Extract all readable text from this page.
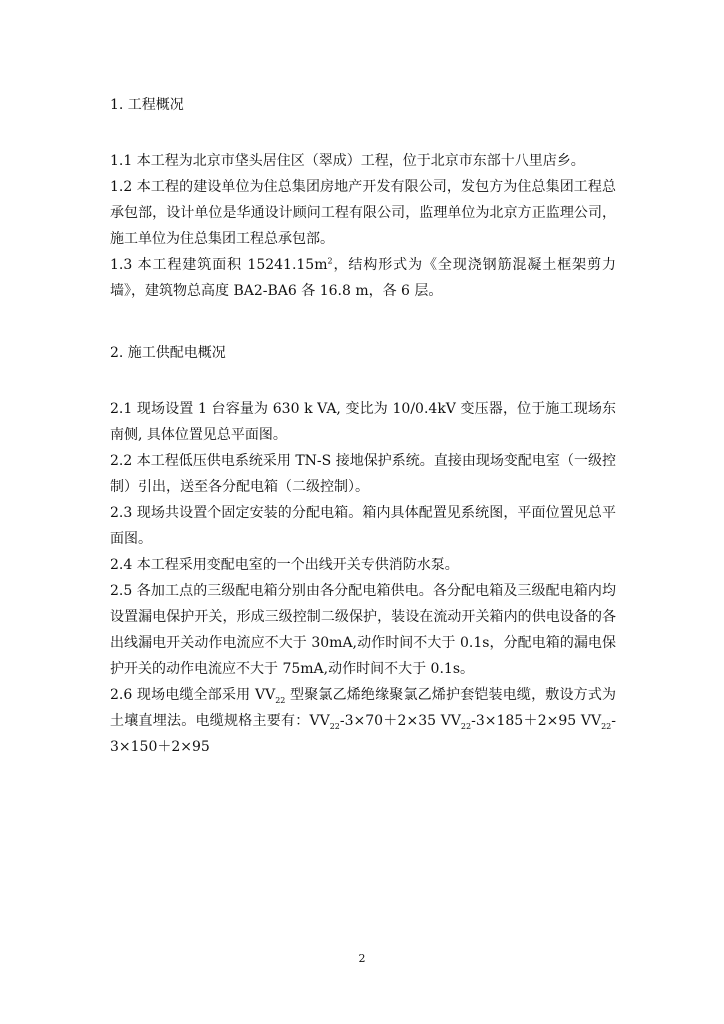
1. 工程概况

1.1 本工程为北京市垡头居住区（翠成）工程，位于北京市东部十八里店乡。

1.2 本工程的建设单位为住总集团房地产开发有限公司，发包方为住总集团工程总承包部，设计单位是华通设计顾问工程有限公司，监理单位为北京方正监理公司，施工单位为住总集团工程总承包部。

1.3 本工程建筑面积 $15241.15m^2$，结构形式为《全现浇钢筋混凝土框架剪力墙》，建筑物总高度 BA2-BA6 各 16.8 m，各 6 层。

2. 施工供配电概况

2.1 现场设置 1 台容量为 630 k VA, 变比为 10/0.4kV 变压器，位于施工现场东南侧, 具体位置见总平面图。

2.2 本工程低压供电系统采用 TN-S 接地保护系统。直接由现场变配电室（一级控制）引出，送至各分配电箱（二级控制）。

2.3 现场共设置个固定安装的分配电箱。箱内具体配置见系统图，平面位置见总平面图。

2.4 本工程采用变配电室的一个出线开关专供消防水泵。

2.5 各加工点的三级配电箱分别由各分配电箱供电。各分配电箱及三级配电箱内均设置漏电保护开关，形成三级控制二级保护，装设在流动开关箱内的供电设备的各出线漏电开关动作电流应不大于 30mA,动作时间不大于 0.1s，分配电箱的漏电保护开关的动作电流应不大于 75mA,动作时间不大于 0.1s。

2.6 现场电缆全部采用 $VV_{22}$ 型聚氯乙烯绝缘聚氯乙烯护套铠装电缆，敷设方式为土壤直埋法。电缆规格主要有：$VV_{22}-3\times 70+2\times 35$ $VV_{22}-3\times 185+2\times 95$ $VV_{22}-3\times 150+2\times 95$

2
